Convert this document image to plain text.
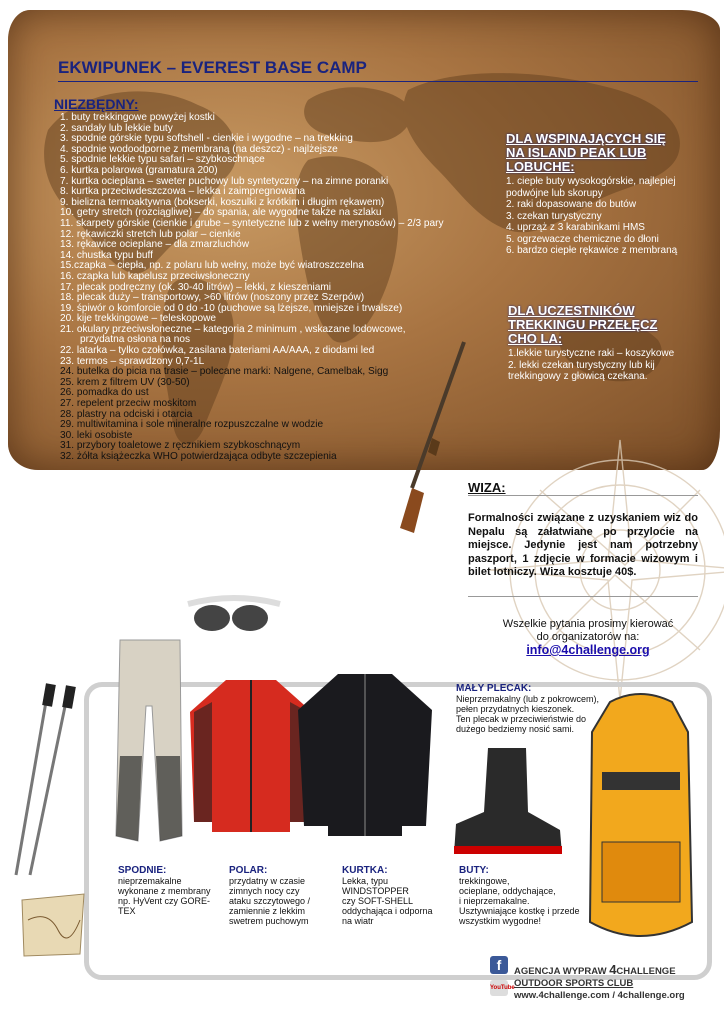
EKWIPUNEK – EVEREST BASE CAMP
NIEZBĘDNY:
1. buty trekkingowe powyżej kostki
2. sandały lub lekkie buty
3. spodnie górskie typu softshell - cienkie i wygodne – na trekking
4. spodnie wodoodporne z membraną (na deszcz) - najlżejsze
5. spodnie lekkie typu safari – szybkoschnące
6. kurtka polarowa (gramatura 200)
7. kurtka ocieplana – sweter puchowy lub syntetyczny – na zimne poranki
8. kurtka przeciwdeszczowa – lekka i zaimpregnowana
9. bielizna termoaktywna (bokserki, koszulki z krótkim i długim rękawem)
10. getry stretch (rozciągliwe) – do spania, ale wygodne także na szlaku
11. skarpety górskie (cienkie i grube – syntetyczne lub z wełny merynosów) – 2/3 pary
12. rękawiczki stretch lub polar – cienkie
13. rękawice ocieplane – dla zmarzluchów
14. chustka typu buff
15.czapka – ciepła, np. z polaru lub wełny, może być wiatroszczelna
16. czapka lub kapelusz przeciwsłoneczny
17. plecak podręczny (ok. 30-40 litrów) – lekki, z kieszeniami
18. plecak duży – transportowy, >60 litrów (noszony przez Szerpów)
19. śpiwór o komforcie od 0 do -10 (puchowe są lżejsze, mniejsze i trwalsze)
20. kije trekkingowe – teleskopowe
21. okulary przeciwsłoneczne – kategoria 2 minimum , wskazane lodowcowe,
przydatna osłona na nos
22. latarka – tylko czołówka, zasilana bateriami AA/AAA, z diodami led
23. termos – sprawdzony 0,7-1L
24. butelka do picia na trasie – polecane marki: Nalgene, Camelbak, Sigg
25. krem z filtrem UV (30-50)
26. pomadka do ust
27. repelent przeciw moskitom
28. plastry na odciski i otarcia
29. multiwitamina i sole mineralne rozpuszczalne w wodzie
30. leki osobiste
31. przybory toaletowe z ręcznikiem szybkoschnącym
32. żółta książeczka WHO potwierdzająca odbyte szczepienia
DLA WSPINAJĄCYCH SIĘ
NA ISLAND PEAK LUB
LOBUCHE:
1. ciepłe buty wysokogórskie, najlepiej podwójne lub skorupy
2. raki dopasowane do butów
3. czekan turystyczny
4. uprząż z 3 karabinkami HMS
5. ogrzewacze chemiczne do dłoni
6. bardzo ciepłe rękawice z membraną
DLA UCZESTNIKÓW
TREKKINGU PRZEŁĘCZ
CHO LA:

1.lekkie turystyczne raki – koszykowe

2. lekki czekan turystyczny lub kij trekkingowy z głowicą czekana.

WIZA:

Formalności związane z uzyskaniem wiz do Nepalu są załatwiane po przylocie na miejsce. Jedynie jest nam potrzebny paszport, 1 zdjęcie w formacie wizowym i bilet lotniczy. Wiza kosztuje 40$.

Wszelkie pytania prosimy kierować
do organizatorów na:
info@4challenge.org
MAŁY PLECAK:
Nieprzemakalny (lub z pokrowcem),
pełen przydatnych kieszonek.
Ten plecak w przeciwieństwie do
dużego bedziemy nosić sami.
SPODNIE:
nieprzemakalne
wykonane z membrany
np. HyVent czy GORE-
TEX
POLAR:
przydatny w czasie
zimnych nocy czy
ataku szczytowego /
zamiennie z lekkim
swetrem puchowym
KURTKA:
Lekka, typu
WINDSTOPPER
czy SOFT-SHELL
oddychająca i odporna
na wiatr
BUTY:
trekkingowe,
ocieplane, oddychające,
i nieprzemakalne.
Usztywniające kostkę i przede
wszystkim wygodne!
f
YouTube
AGENCJA WYPRAW 4CHALLENGE
OUTDOOR SPORTS CLUB
www.4challenge.com / 4challenge.org
